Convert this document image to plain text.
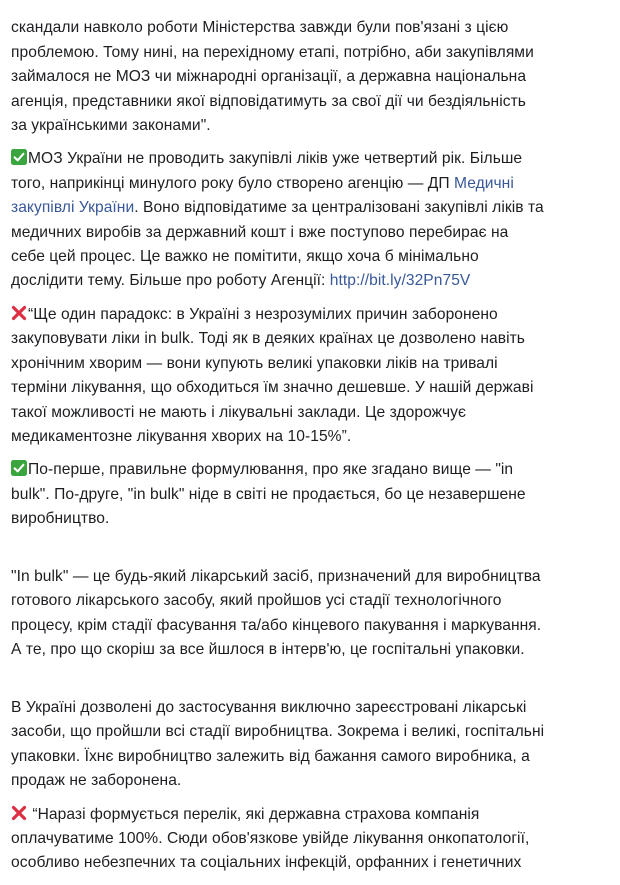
скандали навколо роботи Міністерства завжди були пов'язані з цією
проблемою. Тому нині, на перехідному етапі, потрібно, аби закупівлями
займалося не МОЗ чи міжнародні організації, а державна національна
агенція, представники якої відповідатимуть за свої дії чи бездіяльність
за українськими законами".

МОЗ України не проводить закупівлі ліків уже четвертий рік. Більше
того, наприкінці минулого року було створено агенцію — ДП Медичні
закупівлі України. Воно відповідатиме за централізовані закупівлі ліків та
медичних виробів за державний кошт і вже поступово перебирає на
себе цей процес. Це важко не помітити, якщо хоча б мінімально
дослідити тему. Більше про роботу Агенції: http://bit.ly/32Pn75V

“Ще один парадокс: в Україні з незрозумілих причин заборонено
закуповувати ліки in bulk. Тоді як в деяких країнах це дозволено навіть
хронічним хворим — вони купують великі упаковки ліків на тривалі
терміни лікування, що обходиться їм значно дешевше. У нашій державі
такої можливості не мають і лікувальні заклади. Це здорожчує
медикаментозне лікування хворих на 10-15%”.

По-перше, правильне формулювання, про яке згадано вище — "in
bulk". По-друге, "in bulk" ніде в світі не продається, бо це незавершене
виробництво.

"In bulk" — це будь-який лікарський засіб, призначений для виробництва
готового лікарського засобу, який пройшов усі стадії технологічного
процесу, крім стадії фасування та/або кінцевого пакування і маркування.
А те, про що скоріш за все йшлося в інтерв'ю, це госпітальні упаковки.

В Україні дозволені до застосування виключно зареєстровані лікарські
засоби, що пройшли всі стадії виробництва. Зокрема і великі, госпітальні
упаковки. Їхнє виробництво залежить від бажання самого виробника, а
продаж не заборонена.

“Наразі формується перелік, які державна страхова компанія
оплачуватиме 100%. Сюди обов'язкове увійде лікування онкопатології,
особливо небезпечних та соціальних інфекцій, орфанних і генетичних
